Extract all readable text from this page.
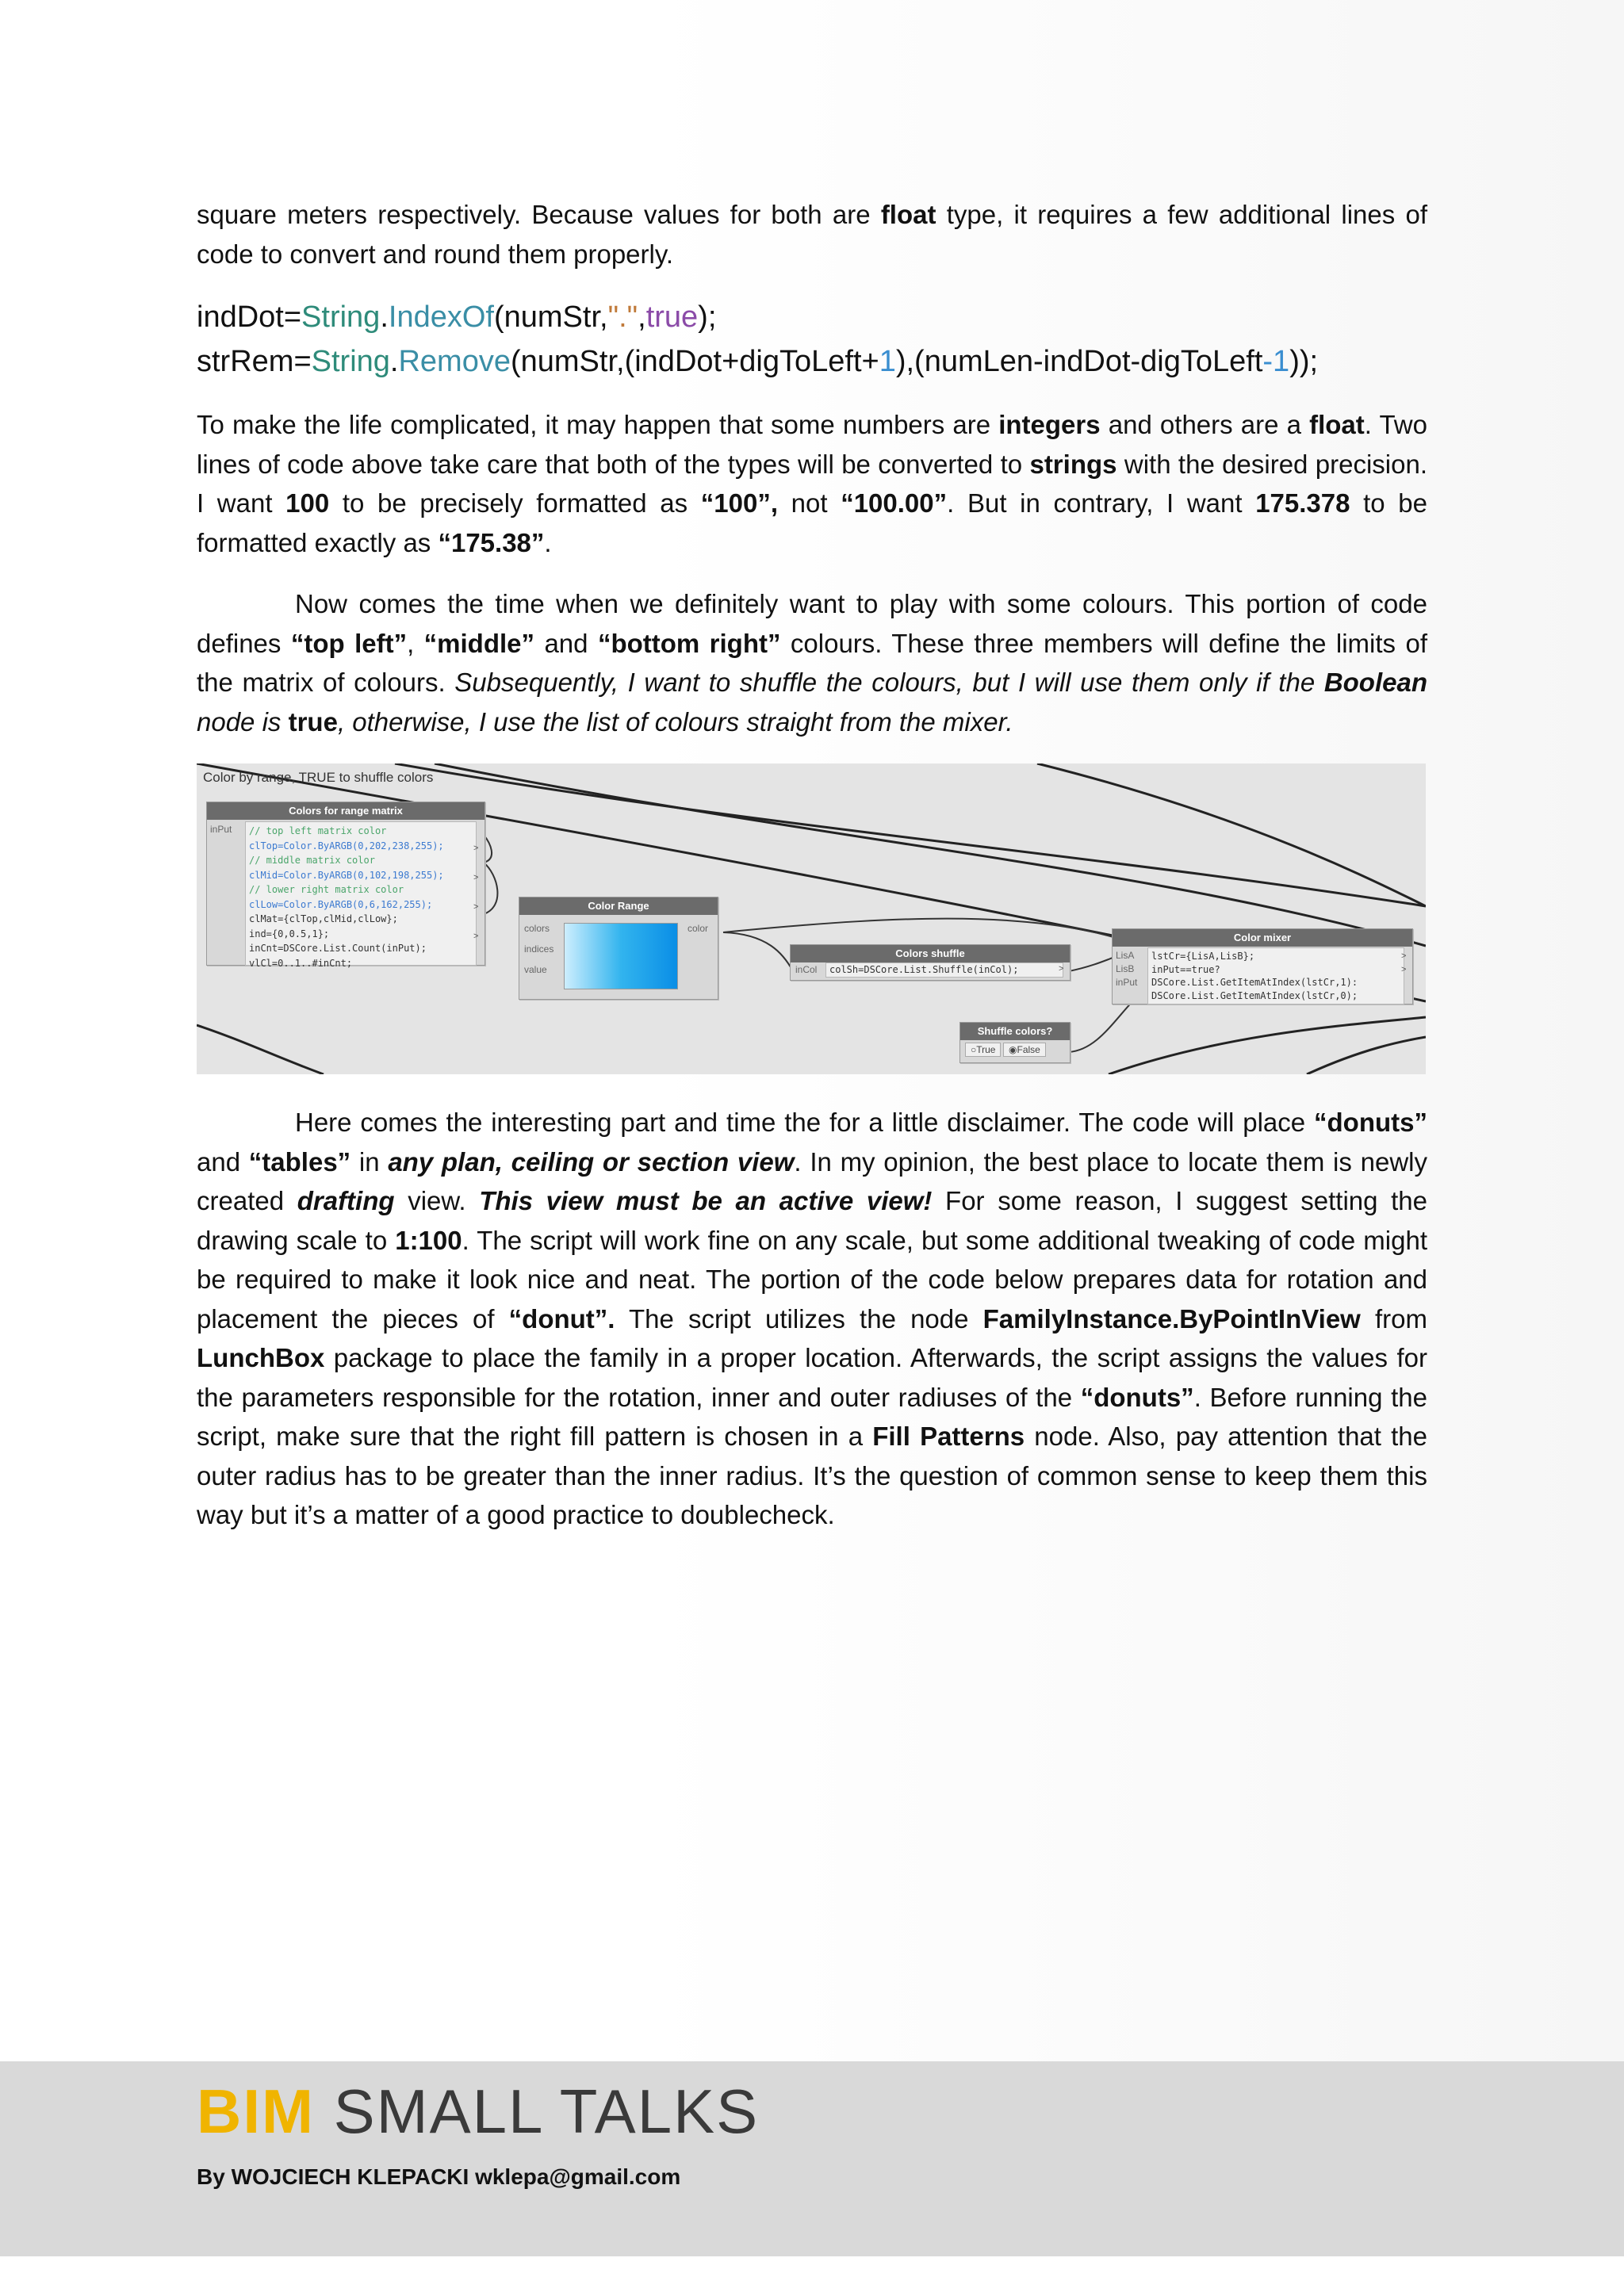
square meters respectively. Because values for both are float type, it requires a few additional lines of code to convert and round them properly.
indDot=String.IndexOf(numStr,".",true);
strRem=String.Remove(numStr,(indDot+digToLeft+1),(numLen-indDot-digToLeft-1));
To make the life complicated, it may happen that some numbers are integers and others are a float. Two lines of code above take care that both of the types will be converted to strings with the desired precision. I want 100 to be precisely formatted as “100”, not “100.00”. But in contrary, I want 175.378 to be formatted exactly as “175.38”.
Now comes the time when we definitely want to play with some colours. This portion of code defines “top left”, “middle” and “bottom right” colours. These three members will define the limits of the matrix of colours. Subsequently, I want to shuffle the colours, but I will use them only if the Boolean node is true, otherwise, I use the list of colours straight from the mixer.
Color by range, TRUE to shuffle colors
Colors for range matrix
inPut // top left matrix color
clTop=Color.ByARGB(0,202,238,255);
// middle matrix color
clMid=Color.ByARGB(0,102,198,255);
// lower right matrix color
clLow=Color.ByARGB(0,6,162,255);
clMat={clTop,clMid,clLow};
ind={0,0.5,1};
inCnt=DSCore.List.Count(inPut);
vlCl=0..1..#inCnt;
>
>
>
>
Color Range
colors
indices
value
color
Colors shuffle
inCol	colSh=DSCore.List.Shuffle(inCol);	>
Color mixer
LisA
LisB
inPut
lstCr={LisA,LisB};
inPut==true?
DSCore.List.GetItemAtIndex(lstCr,1):
DSCore.List.GetItemAtIndex(lstCr,0);
>
>
Shuffle colors?
○True	◉False
Here comes the interesting part and time the for a little disclaimer. The code will place “donuts” and “tables” in any plan, ceiling or section view. In my opinion, the best place to locate them is newly created drafting view. This view must be an active view! For some reason, I suggest setting the drawing scale to 1:100. The script will work fine on any scale, but some additional tweaking of code might be required to make it look nice and neat. The portion of the code below prepares data for rotation and placement the pieces of “donut”. The script utilizes the node FamilyInstance.ByPointInView from LunchBox package to place the family in a proper location. Afterwards, the script assigns the values for the parameters responsible for the rotation, inner and outer radiuses of the “donuts”. Before running the script, make sure that the right fill pattern is chosen in a Fill Patterns node. Also, pay attention that the outer radius has to be greater than the inner radius. It’s the question of common sense to keep them this way but it’s a matter of a good practice to doublecheck.
BIM SMALL TALKS
By WOJCIECH KLEPACKI wklepa@gmail.com
